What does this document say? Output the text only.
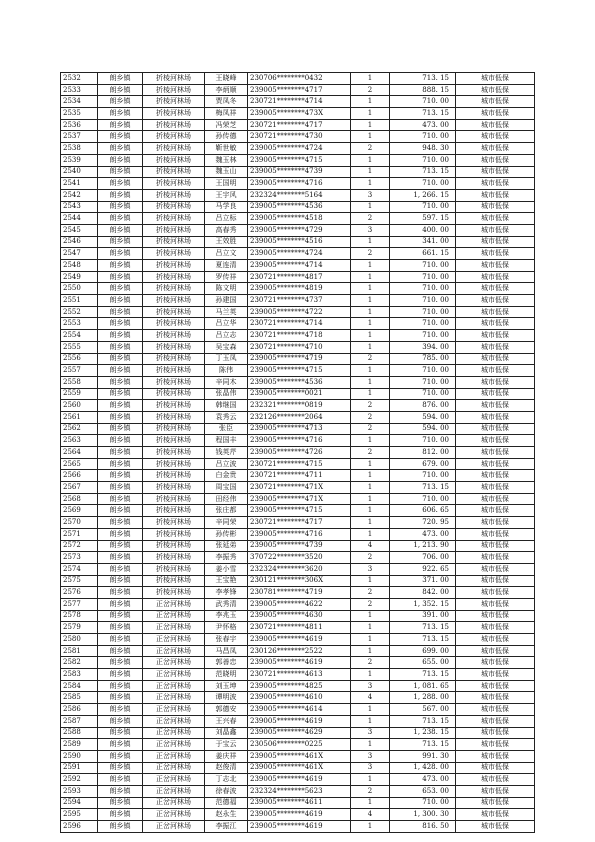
2532	朗乡镇	折棱河林场	王晓峰	230706********0432	1	713. 15	城市低保
2533	朗乡镇	折棱河林场	李炳顺	239005********4717	2	888. 15	城市低保
2534	朗乡镇	折棱河林场	贾凤冬	230721********4714	1	710. 00	城市低保
2535	朗乡镇	折棱河林场	梅凤祥	239005********473X	1	713. 15	城市低保
2536	朗乡镇	折棱河林场	冯荣芝	230721********4717	1	473. 00	城市低保
2537	朗乡镇	折棱河林场	孙传德	230721********4730	1	710. 00	城市低保
2538	朗乡镇	折棱河林场	靳世敏	239005********4724	2	948. 30	城市低保
2539	朗乡镇	折棱河林场	魏玉林	239005********4715	1	710. 00	城市低保
2540	朗乡镇	折棱河林场	魏玉山	239005********4739	1	713. 15	城市低保
2541	朗乡镇	折棱河林场	王国明	239005********4716	1	710. 00	城市低保
2542	朗乡镇	折棱河林场	王宇风	232324********5164	3	1, 266. 15	城市低保
2543	朗乡镇	折棱河林场	马学良	239005********4536	1	710. 00	城市低保
2544	朗乡镇	折棱河林场	吕立标	239005********4518	2	597. 15	城市低保
2545	朗乡镇	折棱河林场	高春秀	239005********4729	3	400. 00	城市低保
2546	朗乡镇	折棱河林场	王效胜	239005********4516	1	341. 00	城市低保
2547	朗乡镇	折棱河林场	吕立文	239005********4724	2	661. 15	城市低保
2548	朗乡镇	折棱河林场	夏连清	239005********4714	1	710. 00	城市低保
2549	朗乡镇	折棱河林场	罗传祥	230721********4817	1	710. 00	城市低保
2550	朗乡镇	折棱河林场	陈文明	239005********4819	1	710. 00	城市低保
2551	朗乡镇	折棱河林场	孙建国	230721********4737	1	710. 00	城市低保
2552	朗乡镇	折棱河林场	马兰英	239005********4722	1	710. 00	城市低保
2553	朗乡镇	折棱河林场	吕立华	230721********4714	1	710. 00	城市低保
2554	朗乡镇	折棱河林场	吕立志	230721********4718	1	710. 00	城市低保
2555	朗乡镇	折棱河林场	吴宝森	230721********4710	1	394. 00	城市低保
2556	朗乡镇	折棱河林场	丁玉凤	239005********4719	2	785. 00	城市低保
2557	朗乡镇	折棱河林场	陈伟	239005********4715	1	710. 00	城市低保
2558	朗乡镇	折棱河林场	辛同木	239005********4536	1	710. 00	城市低保
2559	朗乡镇	折棱河林场	张晶伟	239005********0021	1	710. 00	城市低保
2560	朗乡镇	折棱河林场	韩继国	232321********0819	2	876. 00	城市低保
2561	朗乡镇	折棱河林场	袁秀云	232126********2064	2	594. 00	城市低保
2562	朗乡镇	折棱河林场	张臣	239005********4713	2	594. 00	城市低保
2563	朗乡镇	折棱河林场	程国丰	239005********4716	1	710. 00	城市低保
2564	朗乡镇	折棱河林场	钱英芹	239005********4726	2	812. 00	城市低保
2565	朗乡镇	折棱河林场	吕立波	230721********4715	1	679. 00	城市低保
2566	朗乡镇	折棱河林场	白金贵	230721********4711	1	710. 00	城市低保
2567	朗乡镇	折棱河林场	周宝国	230721********471X	1	713. 15	城市低保
2568	朗乡镇	折棱河林场	田经伟	239005********471X	1	710. 00	城市低保
2569	朗乡镇	折棱河林场	张庄都	239005********4715	1	606. 65	城市低保
2570	朗乡镇	折棱河林场	辛同荣	230721********4717	1	720. 95	城市低保
2571	朗乡镇	折棱河林场	孙传彬	239005********4716	1	473. 00	城市低保
2572	朗乡镇	折棱河林场	张延弟	239005********4739	4	1, 213. 90	城市低保
2573	朗乡镇	折棱河林场	李振秀	370722********3520	2	706. 00	城市低保
2574	朗乡镇	折棱河林场	姜小雪	232324********3620	3	922. 65	城市低保
2575	朗乡镇	折棱河林场	王宝艳	230121********306X	1	371. 00	城市低保
2576	朗乡镇	折棱河林场	李孝锋	230781********4719	2	842. 00	城市低保
2577	朗乡镇	正岔河林场	武秀清	239005********4622	2	1, 352. 15	城市低保
2578	朗乡镇	正岔河林场	李兆玉	239005********4630	1	391. 00	城市低保
2579	朗乡镇	正岔河林场	尹怀格	230721********4811	1	713. 15	城市低保
2580	朗乡镇	正岔河林场	张春宇	239005********4619	1	713. 15	城市低保
2581	朗乡镇	正岔河林场	马昌凤	230126********2522	1	699. 00	城市低保
2582	朗乡镇	正岔河林场	郭善忠	239005********4619	2	655. 00	城市低保
2583	朗乡镇	正岔河林场	范晓明	230721********4613	1	713. 15	城市低保
2584	朗乡镇	正岔河林场	刘玉坤	239005********4825	3	1, 081. 65	城市低保
2585	朗乡镇	正岔河林场	谭明波	239005********4610	4	1, 288. 00	城市低保
2586	朗乡镇	正岔河林场	郭德安	239005********4614	1	567. 00	城市低保
2587	朗乡镇	正岔河林场	王兴春	239005********4619	1	713. 15	城市低保
2588	朗乡镇	正岔河林场	刘晶鑫	239005********4629	3	1, 238. 15	城市低保
2589	朗乡镇	正岔河林场	于宝云	230506********0225	1	713. 15	城市低保
2590	朗乡镇	正岔河林场	姜庆祥	239005********461X	3	991. 30	城市低保
2591	朗乡镇	正岔河林场	赵俊清	239005********461X	3	1, 428. 00	城市低保
2592	朗乡镇	正岔河林场	丁志北	239005********4619	1	473. 00	城市低保
2593	朗乡镇	正岔河林场	徐春波	232324********5623	2	653. 00	城市低保
2594	朗乡镇	正岔河林场	范德福	239005********4611	1	710. 00	城市低保
2595	朗乡镇	正岔河林场	赵永生	239005********4619	4	1, 300. 30	城市低保
2596	朗乡镇	正岔河林场	李振江	239005********4619	1	816. 50	城市低保
